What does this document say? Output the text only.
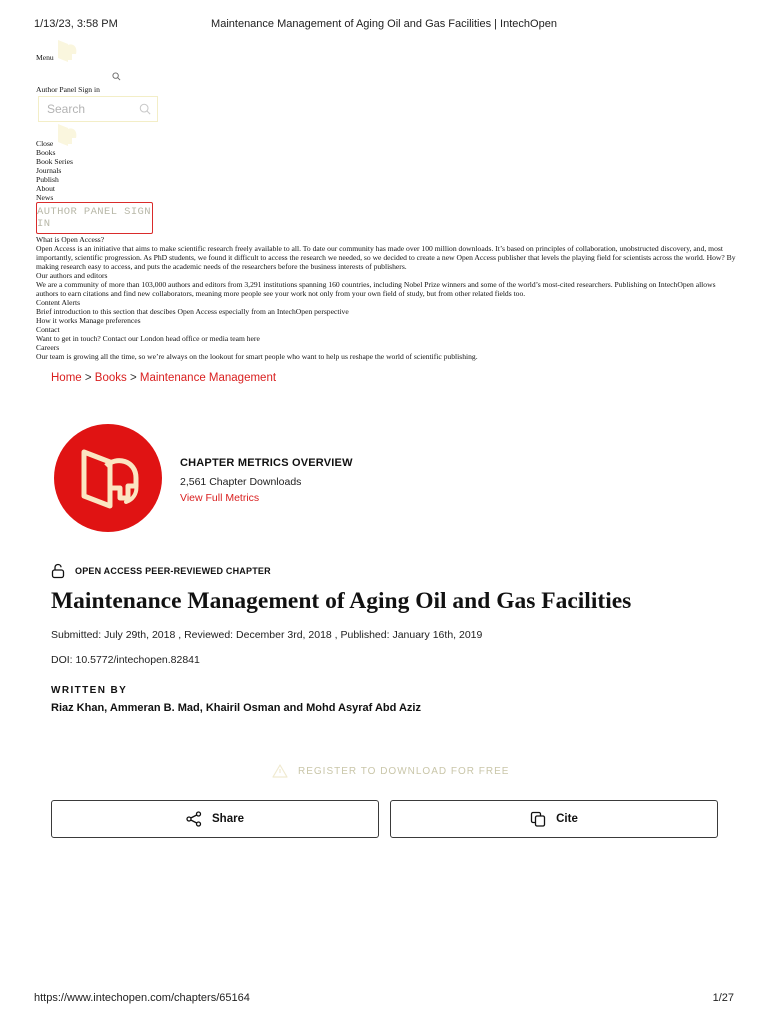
1/13/23, 3:58 PM	Maintenance Management of Aging Oil and Gas Facilities | IntechOpen
Menu
Author Panel Sign in
Search
Close
Books
Book Series
Journals
Publish
About
News
AUTHOR PANEL SIGN IN
What is Open Access?
Open Access is an initiative that aims to make scientific research freely available to all. To date our community has made over 100 million downloads. It’s based on principles of collaboration, unobstructed discovery, and, most importantly, scientific progression. As PhD students, we found it difficult to access the research we needed, so we decided to create a new Open Access publisher that levels the playing field for scientists across the world. How? By making research easy to access, and puts the academic needs of the researchers before the business interests of publishers.
Our authors and editors
We are a community of more than 103,000 authors and editors from 3,291 institutions spanning 160 countries, including Nobel Prize winners and some of the world’s most-cited researchers. Publishing on IntechOpen allows authors to earn citations and find new collaborators, meaning more people see your work not only from your own field of study, but from other related fields too.
Content Alerts
Brief introduction to this section that descibes Open Access especially from an IntechOpen perspective
How it works Manage preferences
Contact
Want to get in touch? Contact our London head office or media team here
Careers
Our team is growing all the time, so we’re always on the lookout for smart people who want to help us reshape the world of scientific publishing.
Home > Books > Maintenance Management
CHAPTER METRICS OVERVIEW
2,561 Chapter Downloads
View Full Metrics
OPEN ACCESS PEER-REVIEWED CHAPTER
Maintenance Management of Aging Oil and Gas Facilities
Submitted: July 29th, 2018 , Reviewed: December 3rd, 2018 , Published: January 16th, 2019
DOI: 10.5772/intechopen.82841
WRITTEN BY
Riaz Khan, Ammeran B. Mad, Khairil Osman and Mohd Asyraf Abd Aziz
REGISTER TO DOWNLOAD FOR FREE
Share	Cite
https://www.intechopen.com/chapters/65164	1/27
